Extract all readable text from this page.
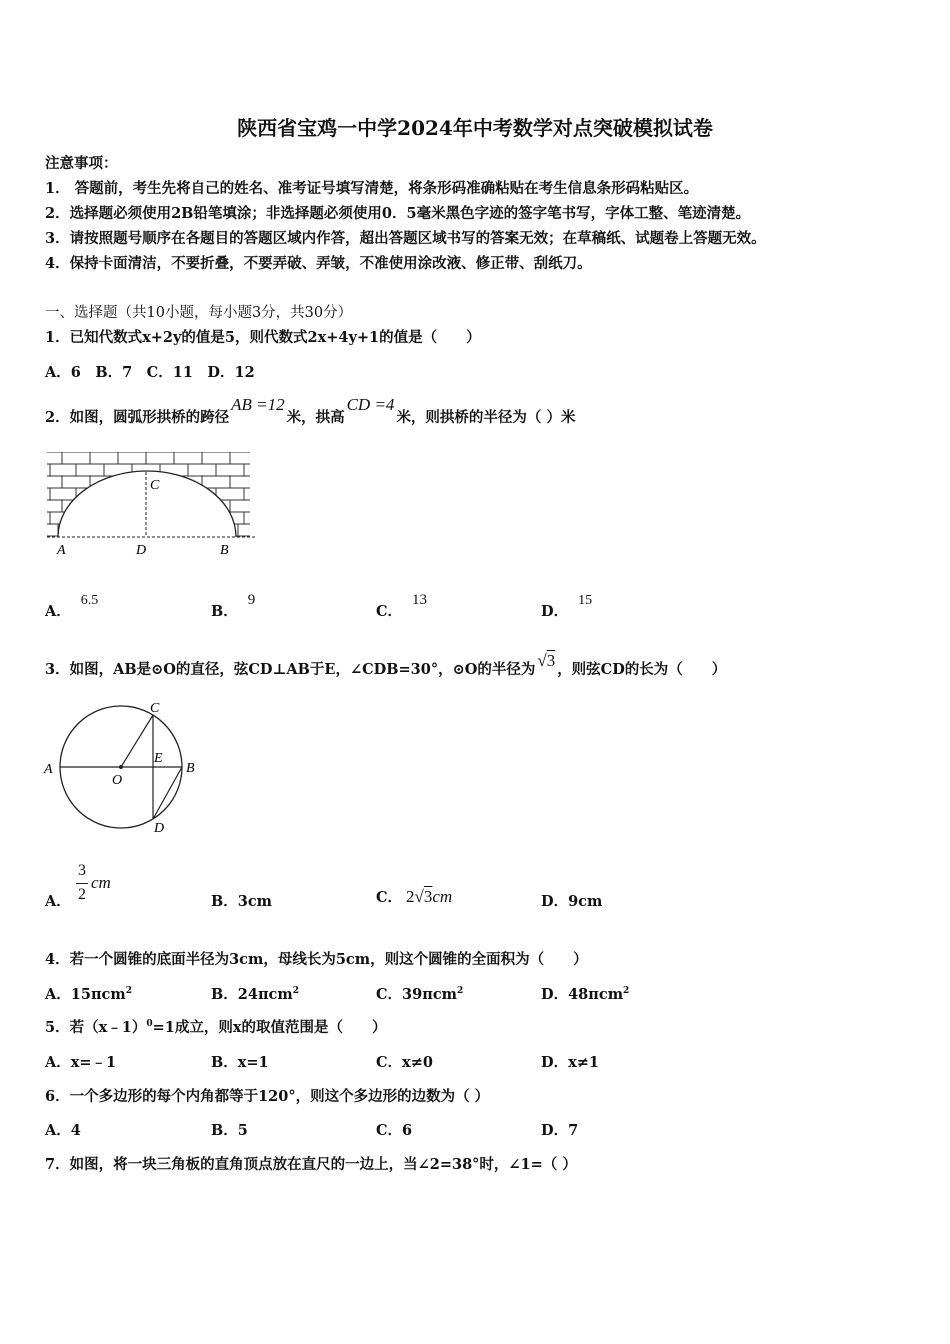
陕西省宝鸡一中学2024年中考数学对点突破模拟试卷
注意事项：
1． 答题前，考生先将自己的姓名、准考证号填写清楚，将条形码准确粘贴在考生信息条形码粘贴区。
2．选择题必须使用2B铅笔填涂；非选择题必须使用0．5毫米黑色字迹的签字笔书写，字体工整、笔迹清楚。
3．请按照题号顺序在各题目的答题区域内作答，超出答题区域书写的答案无效；在草稿纸、试题卷上答题无效。
4．保持卡面清洁，不要折叠，不要弄破、弄皱，不准使用涂改液、修正带、刮纸刀。
一、选择题（共10小题，每小题3分，共30分）
1．已知代数式x+2y的值是5，则代数式2x+4y+1的值是（　　）
A．6　B．7　C．11　D．12
2．如图，圆弧形拱桥的跨径AB =12米，拱高CD =4米，则拱桥的半径为（ ）米
A	D	B
C
A．6.5
B．9
C．13
D．15
3．如图，AB是⊙O的直径，弦CD⊥AB于E，∠CDB=30°，⊙O的半径为 √3 ，则弦CD的长为（　　）
A
O
E
B
C
D
A．
3
2
cm
B．3cm	C． 2√3cm	D．9cm
4．若一个圆锥的底面半径为3cm，母线长为5cm，则这个圆锥的全面积为（　　）
A．15πcm$^2$	B．24πcm$^2$	C．39πcm$^2$	D．48πcm$^2$
5．若（x﹣1）$^0$=1成立，则x的取值范围是（　　）
A．x=﹣1	B．x=1	C．x≠0	D．x≠1
6．一个多边形的每个内角都等于120°，则这个多边形的边数为（ ）
A．4	B．5	C．6	D．7
7．如图，将一块三角板的直角顶点放在直尺的一边上，当∠2=38°时，∠1=（ ）
